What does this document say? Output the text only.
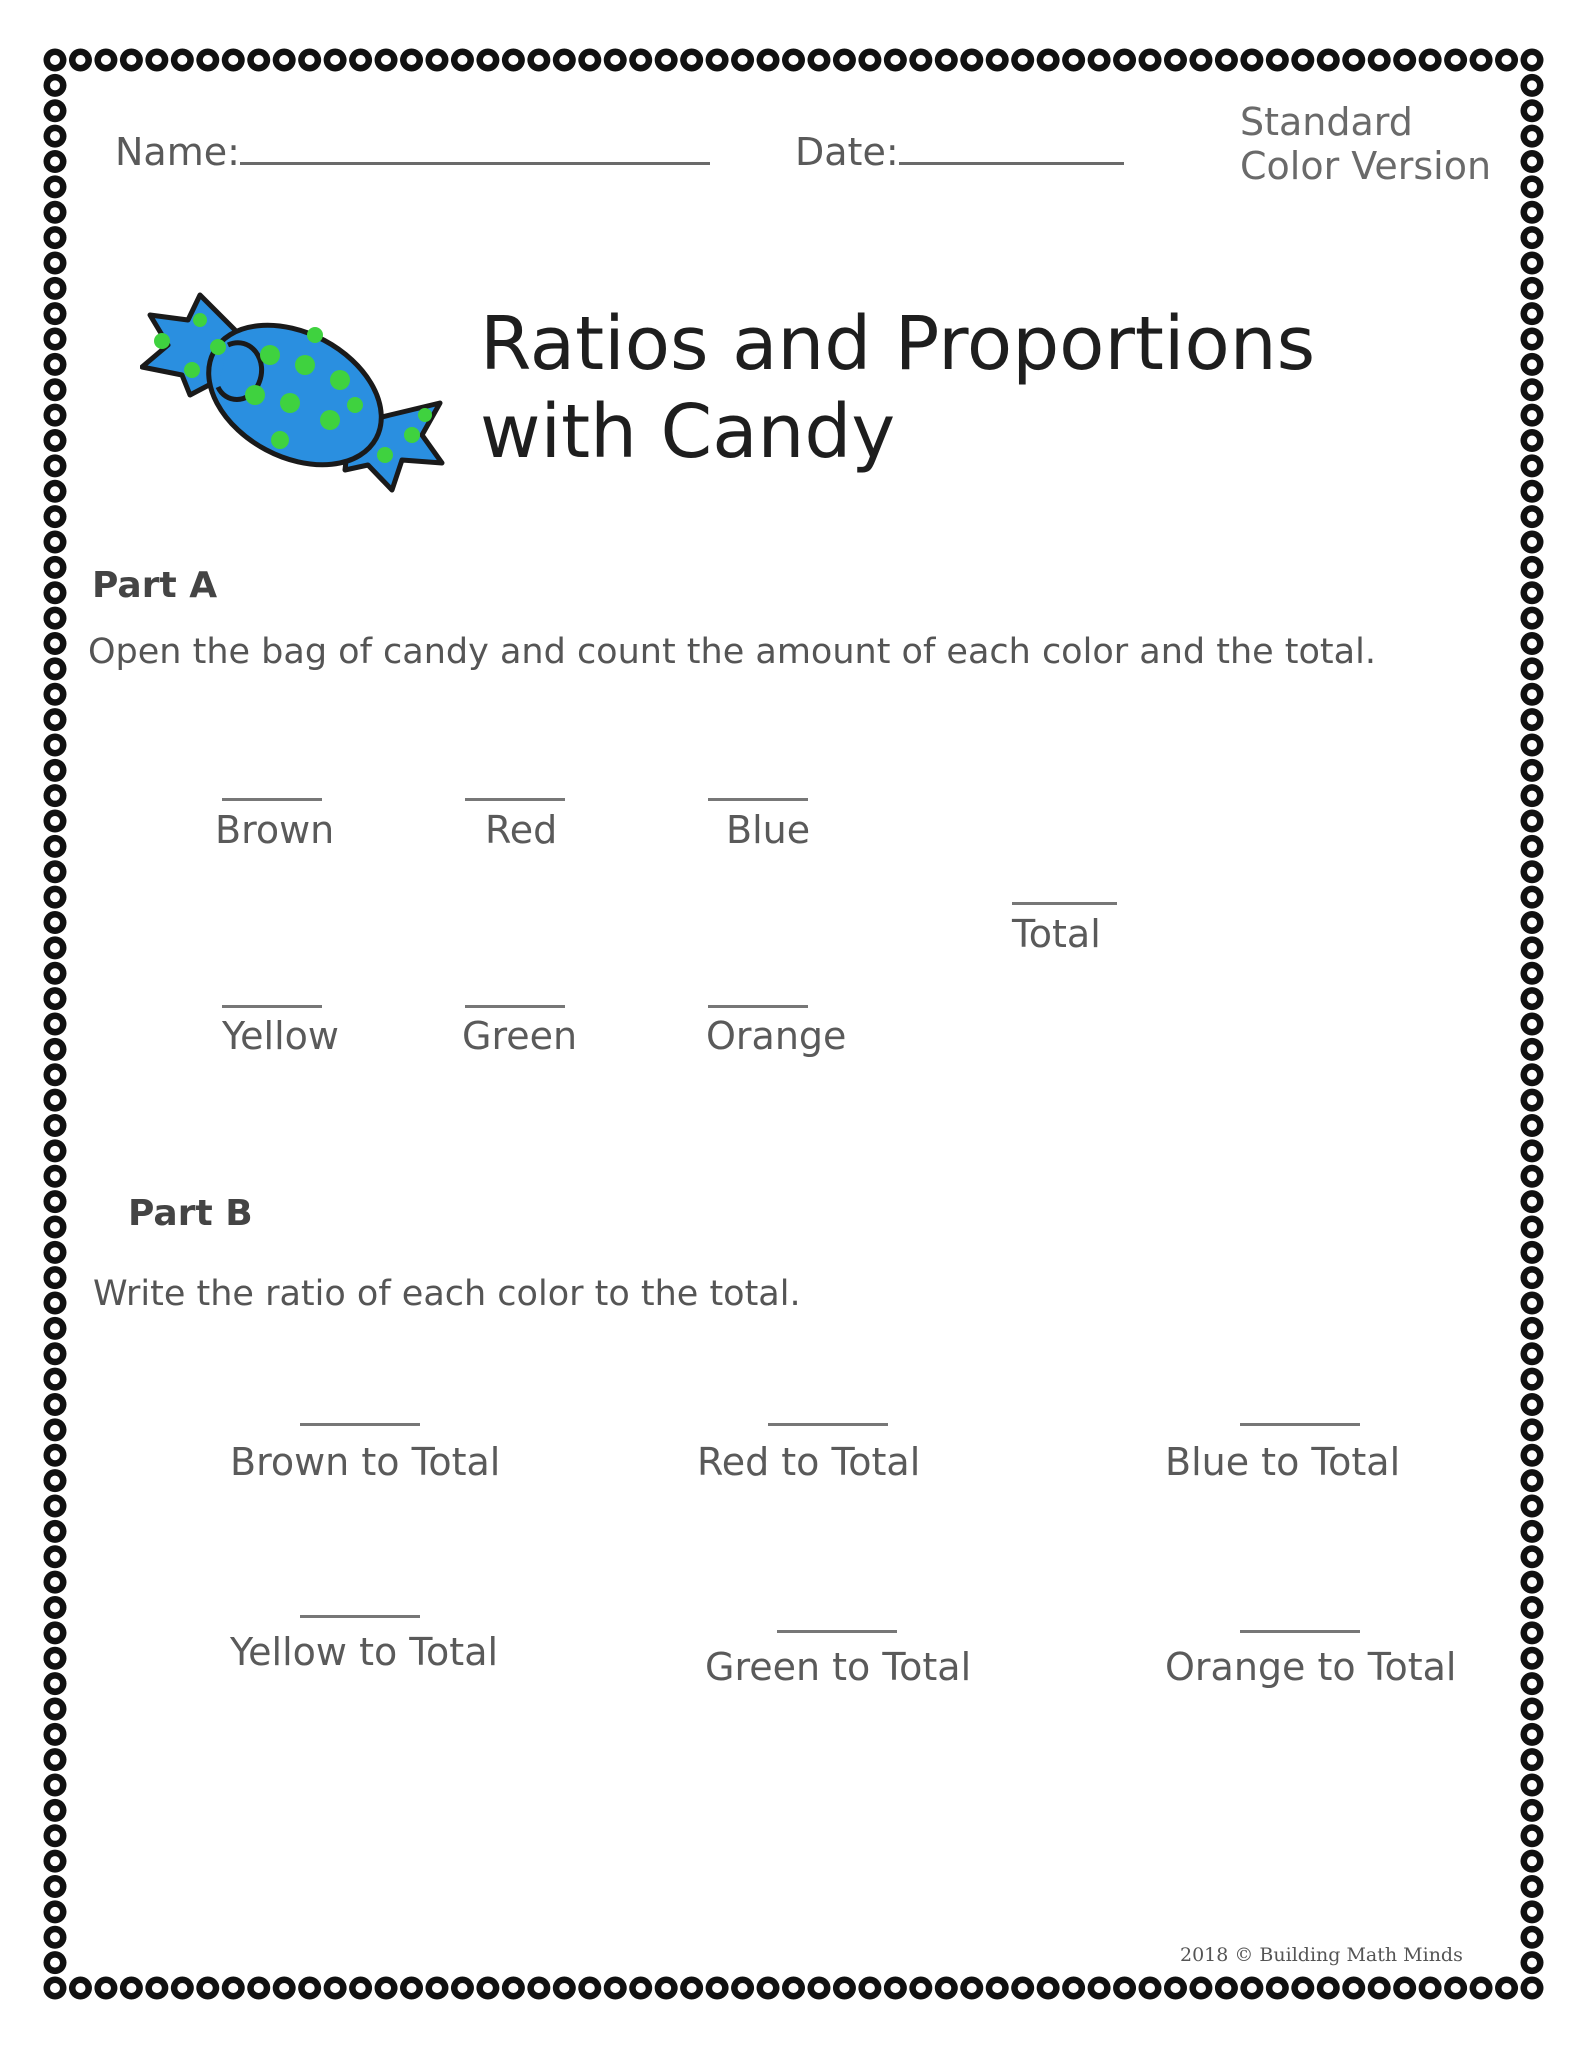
Name:	Date:
Standard
Color Version
Ratios and Proportions
with Candy
Part A
Open the bag of candy and count the amount of each color and the total.
Brown	Red	Blue
Total
Yellow	Green	Orange
Part B
Write the ratio of each color to the total.
Brown to Total	Red to Total	Blue to Total
Yellow to Total	Green to Total	Orange to Total
2018 © Building Math Minds
